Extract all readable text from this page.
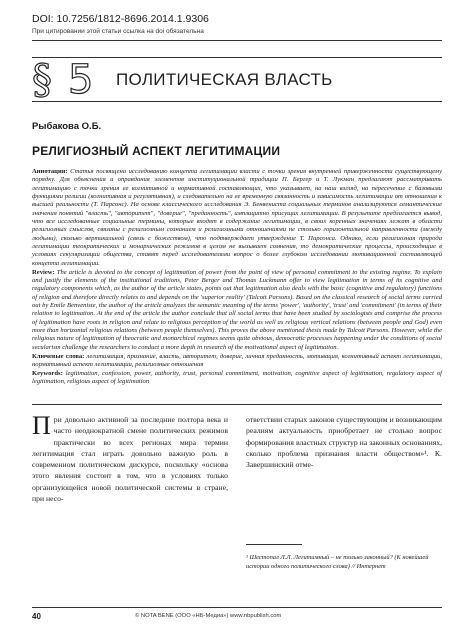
DOI: 10.7256/1812-8696.2014.1.9306
При цитировании этой статьи ссылка на doi обязательна
§ 5 ПОЛИТИЧЕСКАЯ ВЛАСТЬ
Рыбакова О.Б.
РЕЛИГИОЗНЫЙ АСПЕКТ ЛЕГИТИМАЦИИ

Аннотация: Статья посвящена исследованию концепта легитимации власти с точки зрения внутренней приверженности существующему порядку. Для объяснения и оправдания элементов институциональной традиции П. Бергер и Т. Лукман предлагают рассматривать легитимацию с точки зрения ее когнитивной и нормативной составляющих, что указывает, на наш взгляд, на пересечение с базовыми функциями религии (когнитивная и регулятивная), и следовательно на ее временную связанность и зависимость легитимации от отношения к высшей реальности (Т. Парсонс). На основе классического исследования Э. Бенвениста социальных терминов анализируются семантические значения понятий "власть", "авторитет", "доверие", "преданность", имплицитно присущих легитимации. В результате предлагается вывод, что все исследованные социальные термины, которые входят в содержание легитимации, в своих коренных значениях лежат в области религиозных смыслов, связаны с религиозным сознанием и религиозными отношениями не столько горизонтальной направленности (между людьми), сколько вертикальной (связь с божеством), что подтверждает утверждение Т. Парсонса. Однако, если религиозная природа легитимации теократических и монархических режимов в целом не вызывает сомнения, то демократические процессы, происходящие в условиях секуляризации общества, ставят перед исследователями вопрос о более глубоком исследовании мотивационной составляющей концепта легитимации.

Review: The article is devoted to the concept of legitimation of power from the point of view of personal commitment to the existing regime. To explain and justify the elements of the institutional traditions, Peter Berger and Thomas Luckmann offer to view legitimation in terms of its cognitive and regulatory components which, as the author of the article states, points out that legitimation also deals with the basic (cognitive and regulatory) functions of religion and therefore directly relates to and depends on the 'superior reality' (Talcott Parsons). Based on the classical research of social terms carried out by Emile Benveniste, the author of the article analyzes the semantic meaning of the terms 'power', 'authority', 'trust' and 'commitment' (in terms of their relation to legitimation. At the end of the article the author conclude that all social terms that have been studied by sociologists and comprise the process of legitimation have roots in religion and relate to religious perception of the world as well as religious vertical relations (between people and God) even more than horizontal religious relations (between people themselves). This proves the above mentioned thesis made by Talcott Parsons. However, while the religious nature of legitimation of theocratic and monarchical regimes seems quite obvious, democratic processes happening under the conditions of social secularism challenge the researchers to conduct a more depth in research of the motivational aspect of legitimation.

Ключевые слова: легитимация, признание, власть, авторитет, доверие, личная преданность, мотивация, когнитивный аспект легитимации, нормативный аспект легитимации, религиозные отношения

Keywords: legitimation, confession, power, authority, trust, personal commitment, motivation, cognitive aspect of legitimation, regulatory aspect of legitimation, religious aspect of legitimation

При довольно активной за последние полтора века и часто неоднократной смене политических режимов практически во всех регионах мира термин легитимация стал играть довольно важную роль в современном политическом дискурсе, поскольку «основа этого явления состоит в том, что в условиях только организующейся новой политической системы в стране, при несо-
ответствии старых законов существующим и возникающим реалиям актуальность приобретает не столько вопрос формирования властных структур на законных основаниях, сколько проблема признания власти обществом»¹. К. Завершинский отме-
¹ Шестопал Л.Л. Легитимный – не только законный? (К новейшей истории одного политического слова) // Интернет
40	© NOTA BENE (ООО «НБ-Медиа») www.nbpublish.com
